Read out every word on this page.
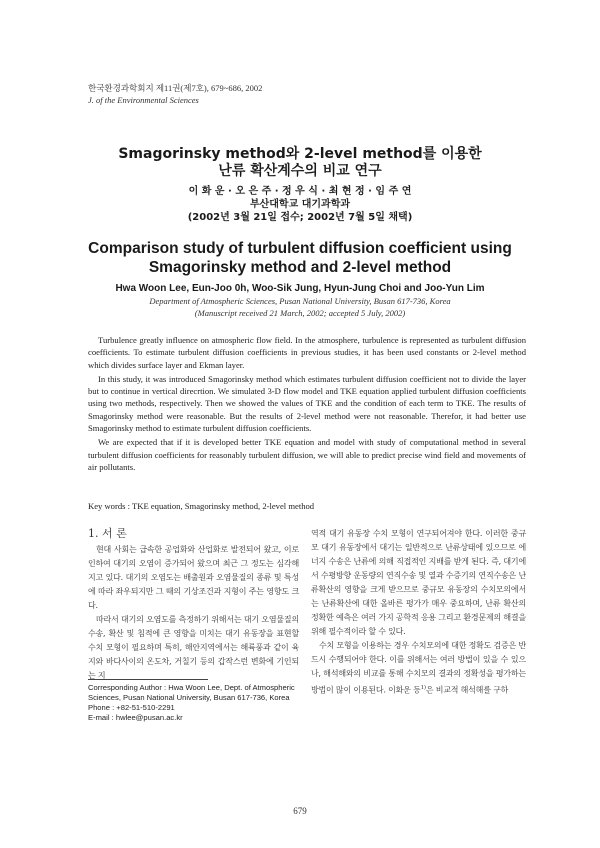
한국환경과학회지 제11권(제7호), 679~686, 2002
J. of the Environmental Sciences
Smagorinsky method와 2-level method를 이용한
난류 확산계수의 비교 연구
이 화 운 · 오 은 주 · 정 우 식 · 최 현 정 · 임 주 연
부산대학교 대기과학과
(2002년 3월 21일 접수; 2002년 7월 5일 채택)
Comparison study of turbulent diffusion coefficient using
Smagorinsky method and 2-level method
Hwa Woon Lee, Eun-Joo 0h, Woo-Sik Jung, Hyun-Jung Choi and Joo-Yun Lim
Department of Atmospheric Sciences, Pusan National University, Busan 617-736, Korea
(Manuscript received 21 March, 2002; accepted 5 July, 2002)

Turbulence greatly influence on atmospheric flow field. In the atmosphere, turbulence is represented as turbulent diffusion coefficients. To estimate turbulent diffusion coefficients in previous studies, it has been used constants or 2-level method which divides surface layer and Ekman layer.

In this study, it was introduced Smagorinsky method which estimates turbulent diffusion coefficient not to divide the layer but to continue in vertical direcrtion. We simulated 3-D flow model and TKE equation applied turbulent diffusion coefficients using two methods, respectively. Then we showed the values of TKE and the condition of each term to TKE. The results of Smagorinsky method were reasonable. But the results of 2-level method were not reasonable. Therefor, it had better use Smagorinsky method to estimate turbulent diffusion coefficients.

We are expected that if it is developed better TKE equation and model with study of computational method in several turbulent diffusion coefficients for reasonably turbulent diffusion, we will able to predict precise wind field and movements of air pollutants.

Key words : TKE equation, Smagorinsky method, 2-level method
1. 서 론

현대 사회는 급속한 공업화와 산업화로 발전되어 왔고, 이로 인하여 대기의 오염이 증가되어 왔으며 최근 그 정도는 심각해지고 있다. 대기의 오염도는 배출원과 오염물질의 종류 및 특성에 따라 좌우되지만 그 때의 기상조건과 지형이 주는 영향도 크다.

따라서 대기의 오염도를 측정하기 위해서는 대기 오염물질의 수송, 확산 및 침적에 큰 영향을 미치는 대기 유동장을 표현할 수치 모형이 필요하며 특히, 해안지역에서는 해륙풍과 같이 육지와 바다사이의 온도차, 거칠기 등의 갑작스런 변화에 기인되는 지

역적 대기 유동장 수치 모형이 연구되어져야 한다. 이러한 중규모 대기 유동장에서 대기는 일반적으로 난류상태에 있으므로 에너지 수송은 난류에 의해 직접적인 지배를 받게 된다. 즉, 대기에서 수평방향 운동량의 연직수송 및 열과 수증기의 연직수송은 난류확산의 영향을 크게 받으므로 중규모 유동장의 수치모의에서는 난류확산에 대한 올바른 평가가 매우 중요하며, 난류 확산의 정확한 예측은 여러 가지 공학적 응용 그리고 환경문제의 해결을 위해 필수적이라 할 수 있다.

수치 모형을 이용하는 경우 수치모의에 대한 정확도 검증은 반드시 수행되어야 한다. 이를 위해서는 여러 방법이 있을 수 있으나, 해석해와의 비교를 통해 수치모의 결과의 정확성을 평가하는 방법이 많이 이용된다. 이화운 등$^{1)}$은 비교적 해석해를 구하

Corresponding Author : Hwa Woon Lee, Dept. of Atmospheric Sciences, Pusan National University, Busan 617-736, Korea
Phone : +82-51-510-2291
E-mail : hwlee@pusan.ac.kr
679
